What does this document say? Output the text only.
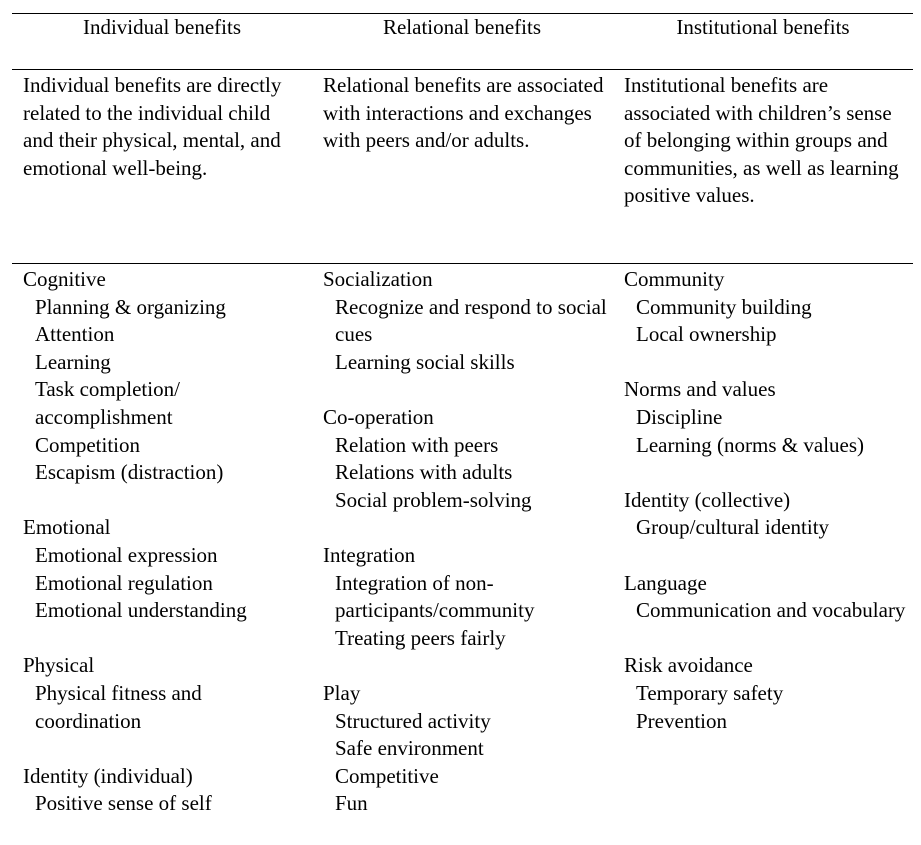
Individual benefits	Relational benefits	Institutional benefits

Individual benefits are directly related to the individual child and their physical, mental, and emotional well-being.

Relational benefits are associated with interactions and exchanges with peers and/or adults.

Institutional benefits are associated with children’s sense of belonging within groups and communities, as well as learning positive values.

Cognitive
Planning & organizing
Attention
Learning
Task completion/ accomplishment
Competition
Escapism (distraction)
Emotional
Emotional expression
Emotional regulation
Emotional understanding
Physical
Physical fitness and coordination
Identity (individual)
Positive sense of self
Socialization
Recognize and respond to social cues
Learning social skills
Co-operation
Relation with peers
Relations with adults
Social problem-solving
Integration
Integration of non-participants/community
Treating peers fairly
Play
Structured activity
Safe environment
Competitive
Fun
Community
Community building
Local ownership
Norms and values
Discipline
Learning (norms & values)
Identity (collective)
Group/cultural identity
Language
Communication and vocabulary
Risk avoidance
Temporary safety
Prevention
